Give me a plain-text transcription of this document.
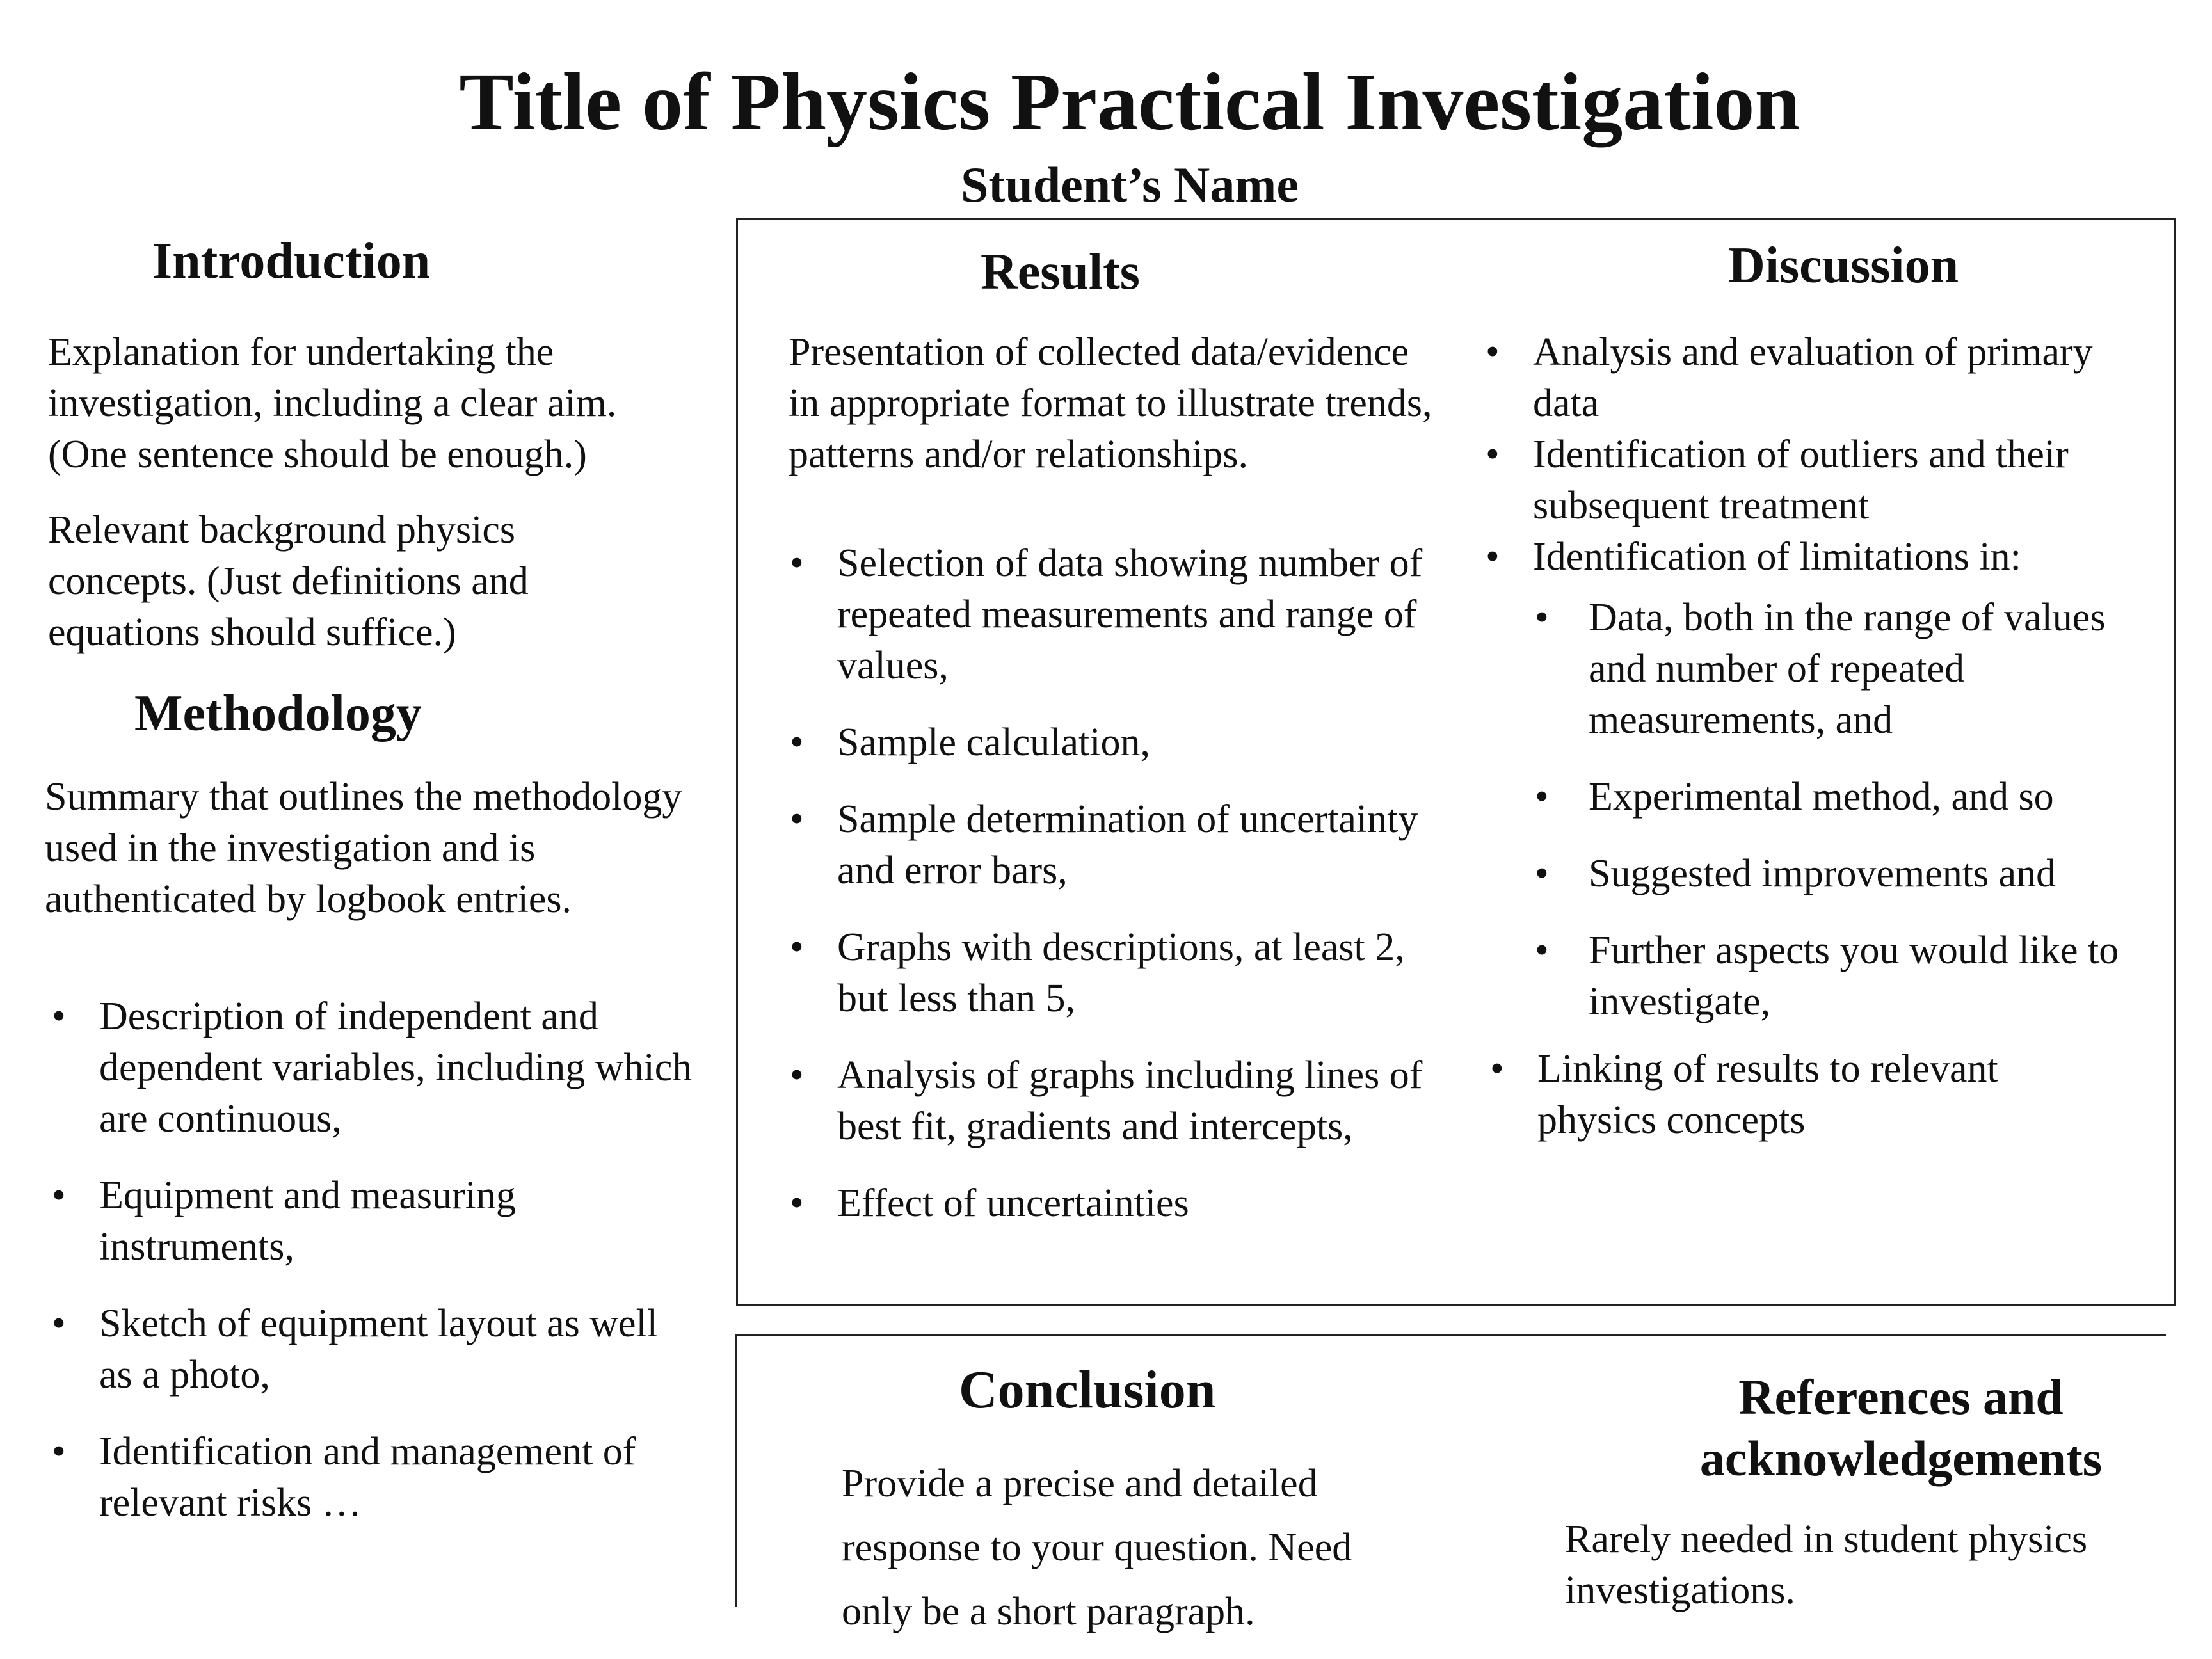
Title of Physics Practical Investigation
Student’s Name
Introduction

Explanation for undertaking the investigation, including a clear aim. (One sentence should be enough.)

Relevant background physics concepts. (Just definitions and equations should suffice.)

Methodology

Summary that outlines the methodology used in the investigation and is authenticated by logbook entries.

• Description of independent and dependent variables, including which are continuous,
• Equipment and measuring instruments,
• Sketch of equipment layout as well as a photo,
• Identification and management of relevant risks …
Results

Presentation of collected data/evidence in appropriate format to illustrate trends, patterns and/or relationships.

• Selection of data showing number of repeated measurements and range of values,
• Sample calculation,
• Sample determination of uncertainty and error bars,
• Graphs with descriptions, at least 2, but less than 5,
• Analysis of graphs including lines of best fit, gradients and intercepts,
• Effect of uncertainties
Discussion
• Analysis and evaluation of primary data
• Identification of outliers and their subsequent treatment
• Identification of limitations in:
• Data, both in the range of values and number of repeated measurements, and
• Experimental method, and so
• Suggested improvements and
• Further aspects you would like to investigate,
• Linking of results to relevant physics concepts
Conclusion
Provide a precise and detailed
response to your question. Need
only be a short paragraph.
References and acknowledgements

Rarely needed in student physics investigations.
